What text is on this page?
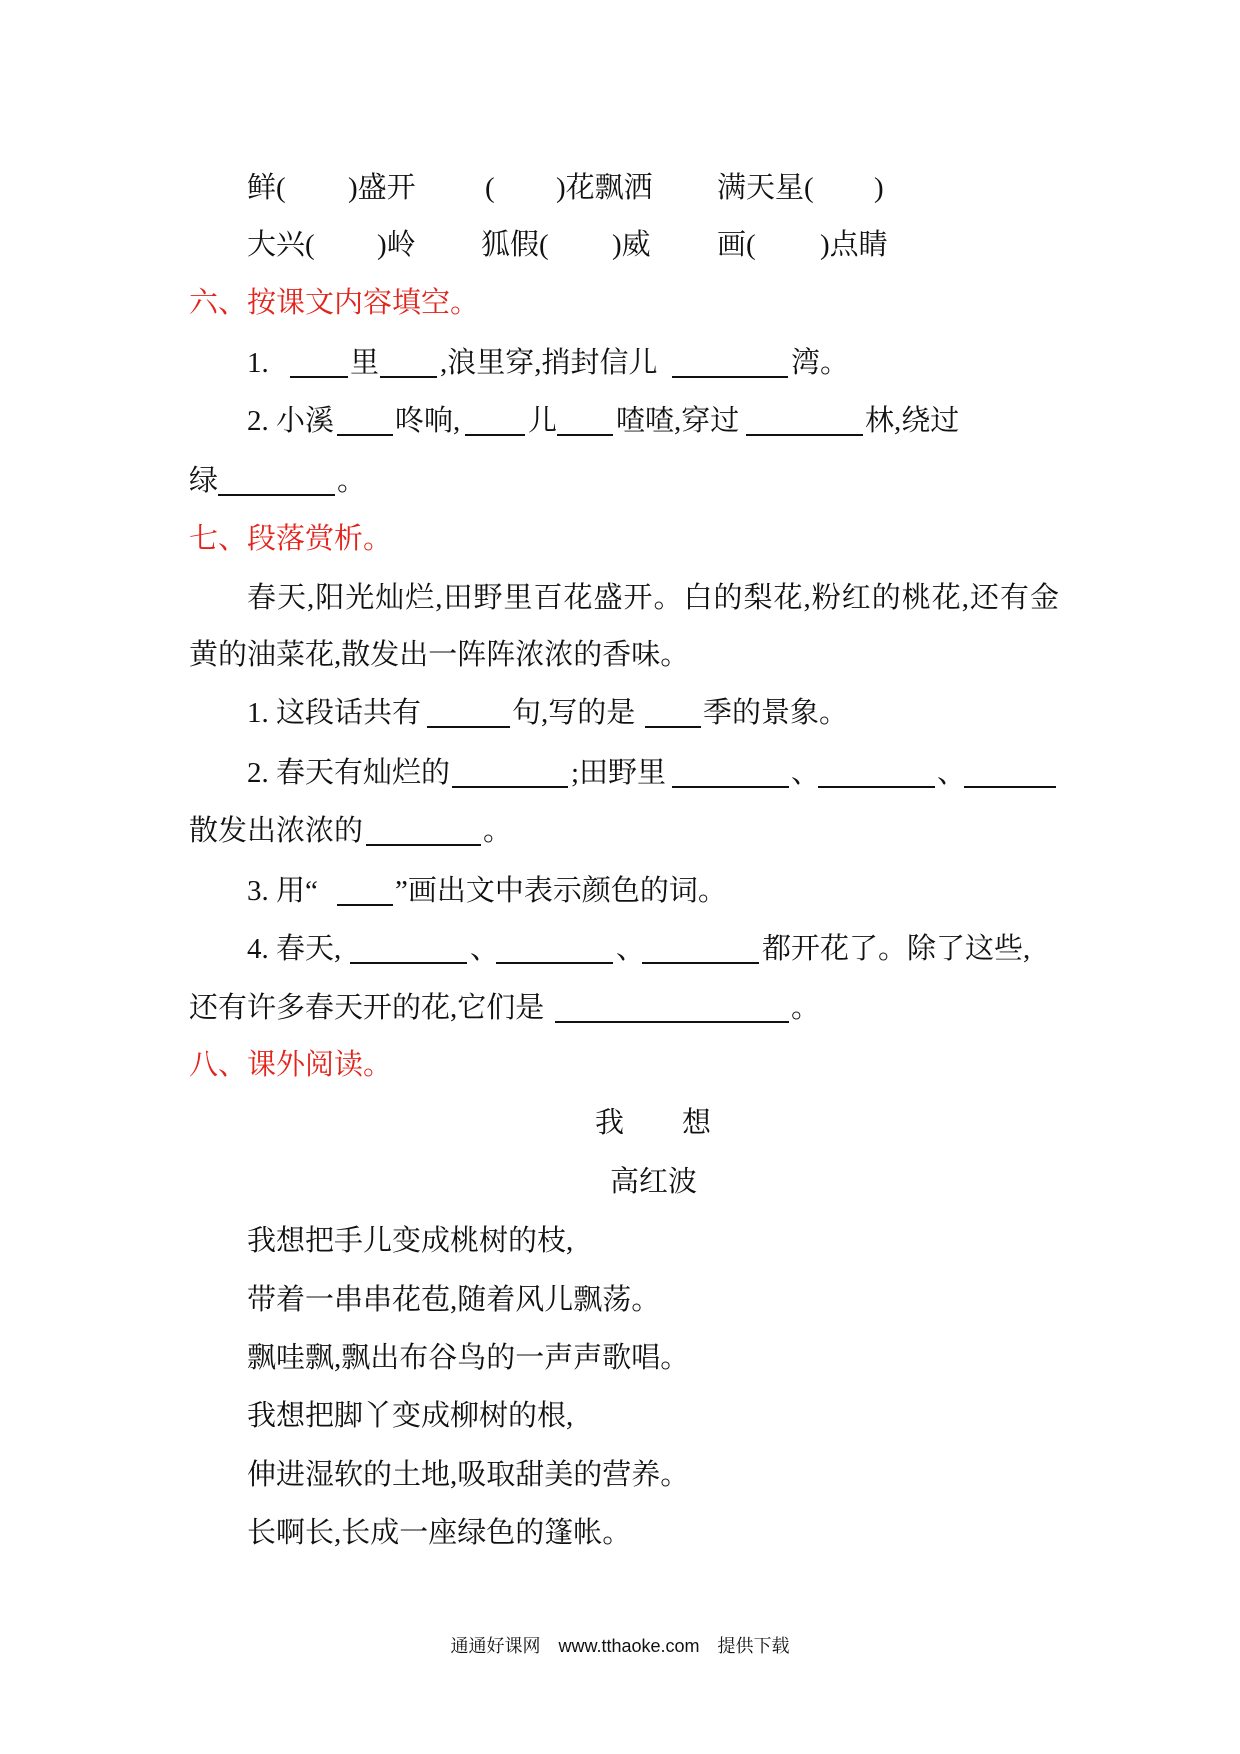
鲜( )盛开 ( )花飘洒 满天星( )
大兴( )岭 狐假( )威 画( )点睛
六、按课文内容填空。
1.	里 ,浪里穿,捎封信儿	湾。
2. 小溪 咚响, 儿 喳喳,穿过	林,绕过
绿	。
七、段落赏析。
春天,阳光灿烂,田野里百花盛开。白的梨花,粉红的桃花,还有金
黄的油菜花,散发出一阵阵浓浓的香味。
1. 这段话共有	句,写的是 季的景象。
2. 春天有灿烂的	;田野里	、	、
散发出浓浓的	。
3. 用“	”画出文中表示颜色的词。
4. 春天,	、	、	都开花了。除了这些,
还有许多春天开的花,它们是	。
八、课外阅读。
我　　想
高红波
我想把手儿变成桃树的枝,
带着一串串花苞,随着风儿飘荡。
飘哇飘,飘出布谷鸟的一声声歌唱。
我想把脚丫变成柳树的根,
伸进湿软的土地,吸取甜美的营养。
长啊长,长成一座绿色的篷帐。
通通好课网　www.tthaoke.com　提供下载
